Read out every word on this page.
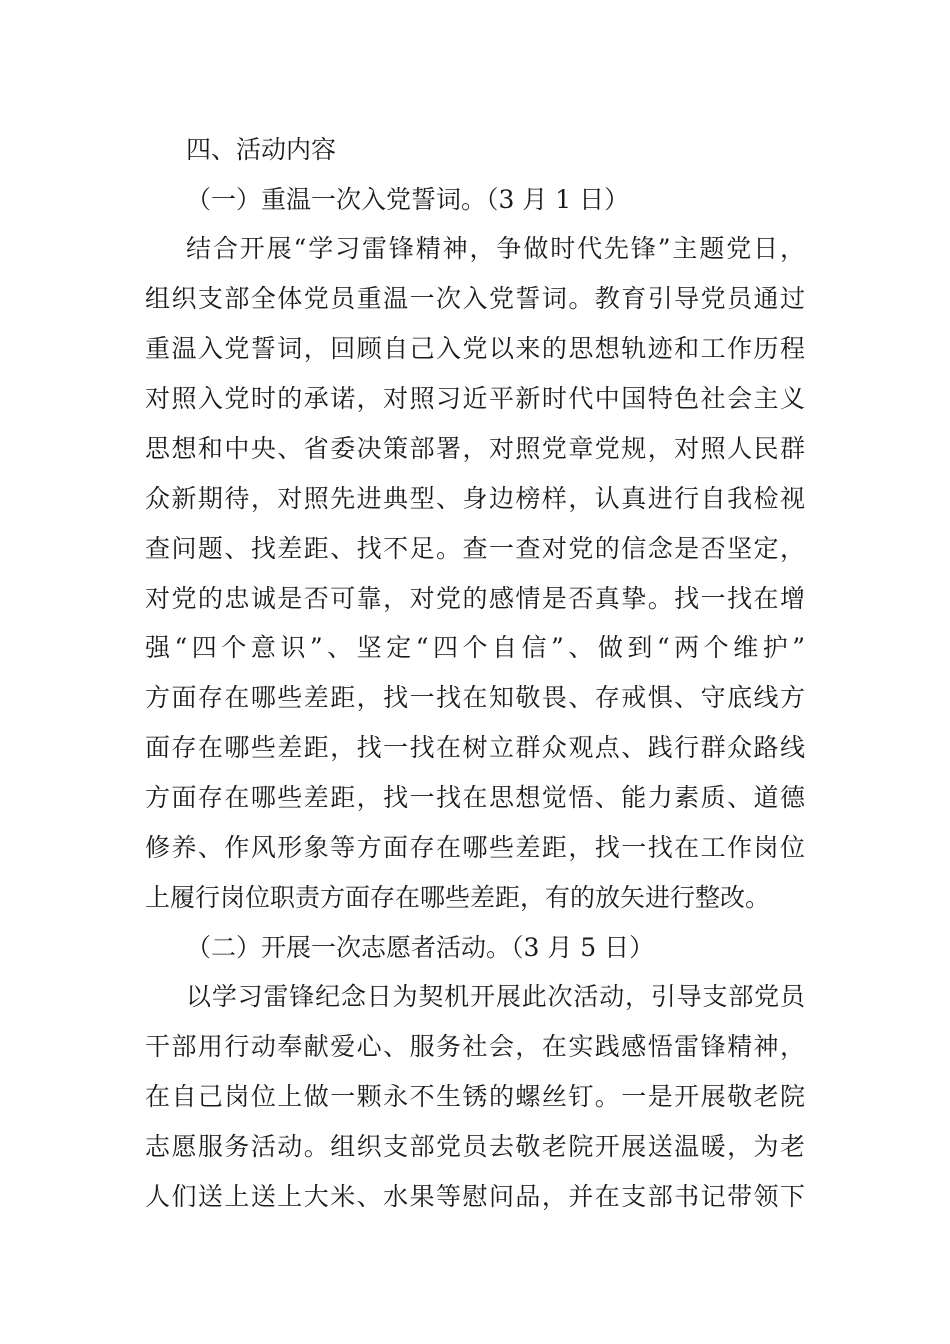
四、活动内容
（一）重温一次入党誓词。（3 月 1 日）
结合开展“学习雷锋精神，争做时代先锋”主题党日，
组织支部全体党员重温一次入党誓词。教育引导党员通过
重温入党誓词，回顾自己入党以来的思想轨迹和工作历程
对照入党时的承诺，对照习近平新时代中国特色社会主义
思想和中央、省委决策部署，对照党章党规，对照人民群
众新期待，对照先进典型、身边榜样，认真进行自我检视
查问题、找差距、找不足。查一查对党的信念是否坚定，
对党的忠诚是否可靠，对党的感情是否真挚。找一找在增
强“四个意识”、坚定“四个自信”、做到“两个维护”
方面存在哪些差距，找一找在知敬畏、存戒惧、守底线方
面存在哪些差距，找一找在树立群众观点、践行群众路线
方面存在哪些差距，找一找在思想觉悟、能力素质、道德
修养、作风形象等方面存在哪些差距，找一找在工作岗位
上履行岗位职责方面存在哪些差距，有的放矢进行整改。
（二）开展一次志愿者活动。（3 月 5 日）
以学习雷锋纪念日为契机开展此次活动，引导支部党员
干部用行动奉献爱心、服务社会，在实践感悟雷锋精神，
在自己岗位上做一颗永不生锈的螺丝钉。一是开展敬老院
志愿服务活动。组织支部党员去敬老院开展送温暖，为老
人们送上送上大米、水果等慰问品，并在支部书记带领下
